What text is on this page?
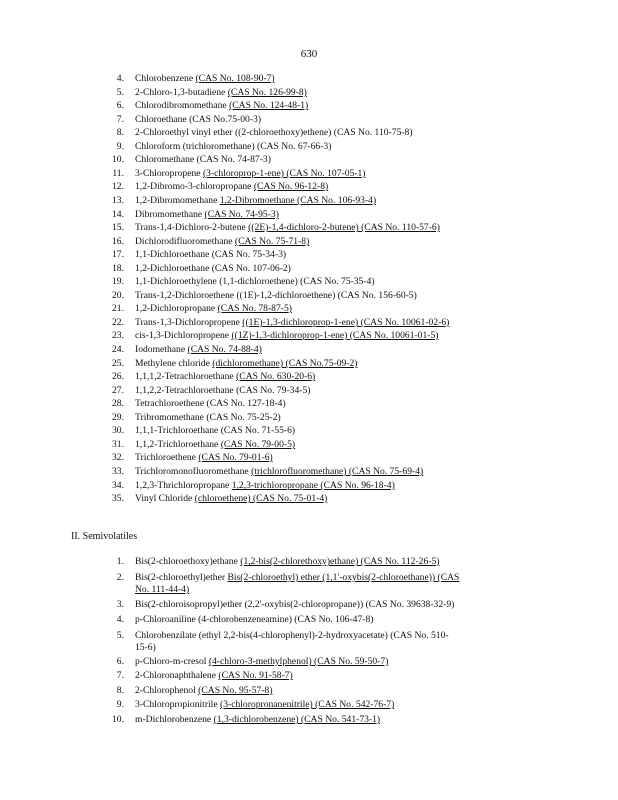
630
4. Chlorobenzene (CAS No. 108-90-7)
5. 2-Chloro-1,3-butadiene (CAS No. 126-99-8)
6. Chlorodibromomethane (CAS No. 124-48-1)
7. Chloroethane (CAS No.75-00-3)
8. 2-Chloroethyl vinyl ether ((2-chloroethoxy)ethene) (CAS No. 110-75-8)
9. Chloroform (trichloromethane) (CAS No. 67-66-3)
10. Chloromethane (CAS No. 74-87-3)
11. 3-Chloropropene (3-chloroprop-1-ene) (CAS No. 107-05-1)
12. 1,2-Dibromo-3-chloropropane (CAS No. 96-12-8)
13. 1,2-Dibromomethane 1,2-Dibromoethane (CAS No. 106-93-4)
14. Dibromomethane (CAS No. 74-95-3)
15. Trans-1,4-Dichloro-2-butene ((2E)-1,4-dichloro-2-butene) (CAS No. 110-57-6)
16. Dichlorodifluoromethane (CAS No. 75-71-8)
17. 1,1-Dichloroethane (CAS No. 75-34-3)
18. 1,2-Dichloroethane (CAS No. 107-06-2)
19. 1,1-Dichloroethylene (1,1-dichloroethene) (CAS No. 75-35-4)
20. Trans-1,2-Dichloroethene ((1E)-1,2-dichloroethene) (CAS No. 156-60-5)
21. 1,2-Dichloropropane (CAS No. 78-87-5)
22. Trans-1,3-Dichloropropene ((1E)-1,3-dichloroprop-1-ene) (CAS No. 10061-02-6)
23. cis-1,3-Dichloropropene ((1Z)-1,3-dichloroprop-1-ene) (CAS No. 10061-01-5)
24. Iodomethane (CAS No. 74-88-4)
25. Methylene chloride (dichloromethane) (CAS No.75-09-2)
26. 1,1,1,2-Tetrachloroethane (CAS No. 630-20-6)
27. 1,1,2,2-Tetrachloroethane (CAS No. 79-34-5)
28. Tetrachloroethene (CAS No. 127-18-4)
29. Tribromomethane (CAS No. 75-25-2)
30. 1,1,1-Trichloroethane (CAS No. 71-55-6)
31. 1,1,2-Trichloroethane (CAS No. 79-00-5)
32. Trichloroethene (CAS No. 79-01-6)
33. Trichloromonofluoromethane (trichlorofluoromethane) (CAS No. 75-69-4)
34. 1,2,3-Thrichloropropane 1,2,3-trichloropropane (CAS No. 96-18-4)
35. Vinyl Chloride (chloroethene) (CAS No. 75-01-4)
II. Semivolatiles
1. Bis(2-chloroethoxy)ethane (1,2-bis(2-chlorethoxy)ethane) (CAS No. 112-26-5)
2. Bis(2-chloroethyl)ether Bis(2-chloroethyl) ether (1,1'-oxybis(2-chloroethane)) (CAS
No. 111-44-4)
3. Bis(2-chloroisopropyl)ether (2,2'-oxybis(2-chloropropane)) (CAS No. 39638-32-9)
4. p-Chloroaniline (4-chlorobenzeneamine) (CAS No. 106-47-8)
5. Chlorobenzilate (ethyl 2,2-bis(4-chlorophenyl)-2-hydroxyacetate) (CAS No. 510-
15-6)
6. p-Chloro-m-cresol (4-chloro-3-methylphenol) (CAS No. 59-50-7)
7. 2-Chloronaphthalene (CAS No. 91-58-7)
8. 2-Chlorophenol (CAS No. 95-57-8)
9. 3-Chloropropionitrile (3-chloropronanenitrile) (CAS No. 542-76-7)
10. m-Dichlorobenzene (1,3-dichlorobenzene) (CAS No. 541-73-1)
